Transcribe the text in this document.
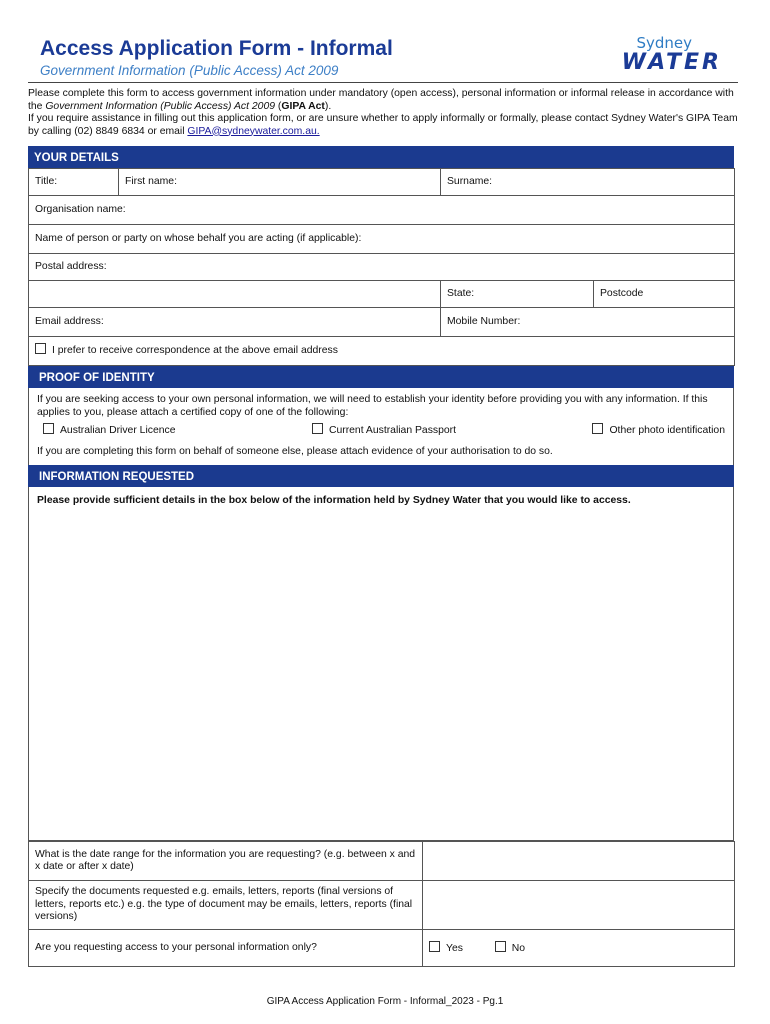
Access Application Form - Informal
Government Information (Public Access) Act 2009
Sydney
WATER
Please complete this form to access government information under mandatory (open access), personal information or informal release in accordance with the Government Information (Public Access) Act 2009 (GIPA Act).
If you require assistance in filling out this application form, or are unsure whether to apply informally or formally, please contact Sydney Water's GIPA Team by calling (02) 8849 6834 or email GIPA@sydneywater.com.au.
YOUR DETAILS
Title:	First name:	Surname:	
Organisation name:			
Name of person or party on whose behalf you are acting (if applicable):			
Postal address:			
		State:	Postcode
Email address:		Mobile Number:	
I prefer to receive correspondence at the above email address			
PROOF OF IDENTITY
If you are seeking access to your own personal information, we will need to establish your identity before providing you with any information. If this applies to you, please attach a certified copy of one of the following:
Australian Driver Licence	Current Australian Passport	Other photo identification
If you are completing this form on behalf of someone else, please attach evidence of your authorisation to do so.
INFORMATION REQUESTED
Please provide sufficient details in the box below of the information held by Sydney Water that you would like to access.
What is the date range for the information you are requesting? (e.g. between x and x date or after x date)	
Specify the documents requested e.g. emails, letters, reports (final versions of letters, reports etc.) e.g. the type of document may be emails, letters, reports (final versions)	
Are you requesting access to your personal information only?	Yes No
GIPA Access Application Form - Informal_2023 - Pg.1
